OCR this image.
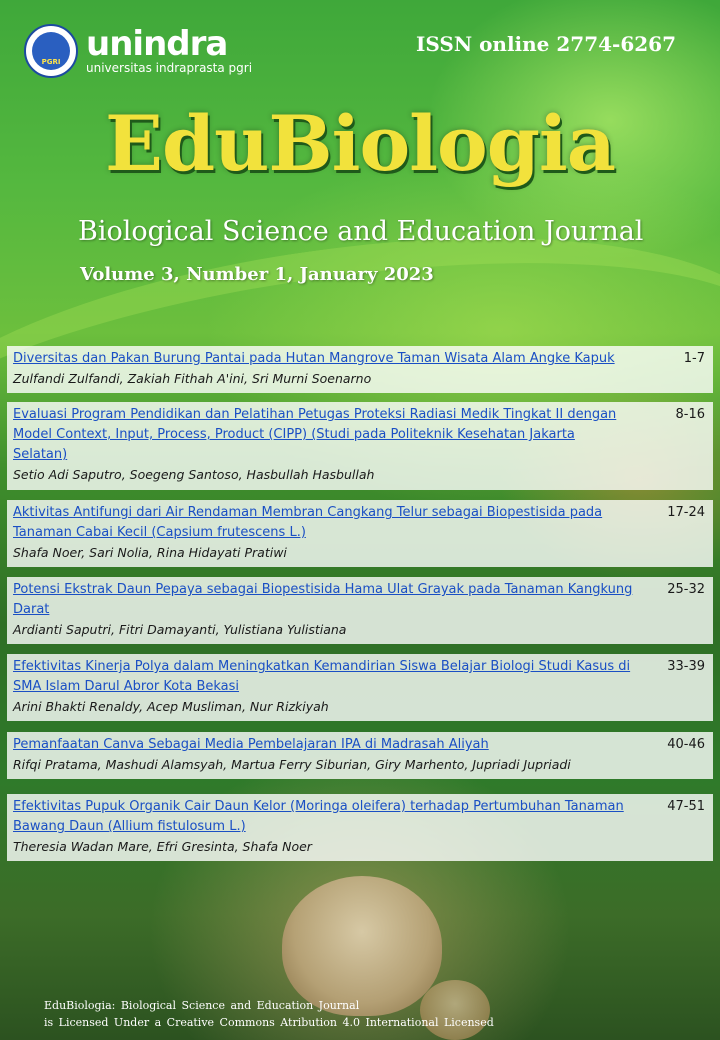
PGRI unindra
universitas indraprasta pgri
ISSN online 2774-6267
EduBiologia
Biological Science and Education Journal
Volume 3, Number 1, January 2023
Diversitas dan Pakan Burung Pantai pada Hutan Mangrove Taman Wisata Alam Angke Kapuk
Zulfandi Zulfandi, Zakiah Fithah A'ini, Sri Murni Soenarno
1-7
Evaluasi Program Pendidikan dan Pelatihan Petugas Proteksi Radiasi Medik Tingkat II dengan Model Context, Input, Process, Product (CIPP) (Studi pada Politeknik Kesehatan Jakarta Selatan)
Setio Adi Saputro, Soegeng Santoso, Hasbullah Hasbullah
8-16
Aktivitas Antifungi dari Air Rendaman Membran Cangkang Telur sebagai Biopestisida pada Tanaman Cabai Kecil (Capsium frutescens L.)
Shafa Noer, Sari Nolia, Rina Hidayati Pratiwi
17-24
Potensi Ekstrak Daun Pepaya sebagai Biopestisida Hama Ulat Grayak pada Tanaman Kangkung Darat
Ardianti Saputri, Fitri Damayanti, Yulistiana Yulistiana
25-32
Efektivitas Kinerja Polya dalam Meningkatkan Kemandirian Siswa Belajar Biologi Studi Kasus di SMA Islam Darul Abror Kota Bekasi
Arini Bhakti Renaldy, Acep Musliman, Nur Rizkiyah
33-39
Pemanfaatan Canva Sebagai Media Pembelajaran IPA di Madrasah Aliyah
Rifqi Pratama, Mashudi Alamsyah, Martua Ferry Siburian, Giry Marhento, Jupriadi Jupriadi
40-46
Efektivitas Pupuk Organik Cair Daun Kelor (Moringa oleifera) terhadap Pertumbuhan Tanaman Bawang Daun (Allium fistulosum L.)
Theresia Wadan Mare, Efri Gresinta, Shafa Noer
47-51
EduBiologia: Biological Science and Education Journal
is Licensed Under a Creative Commons Atribution 4.0 International Licensed
